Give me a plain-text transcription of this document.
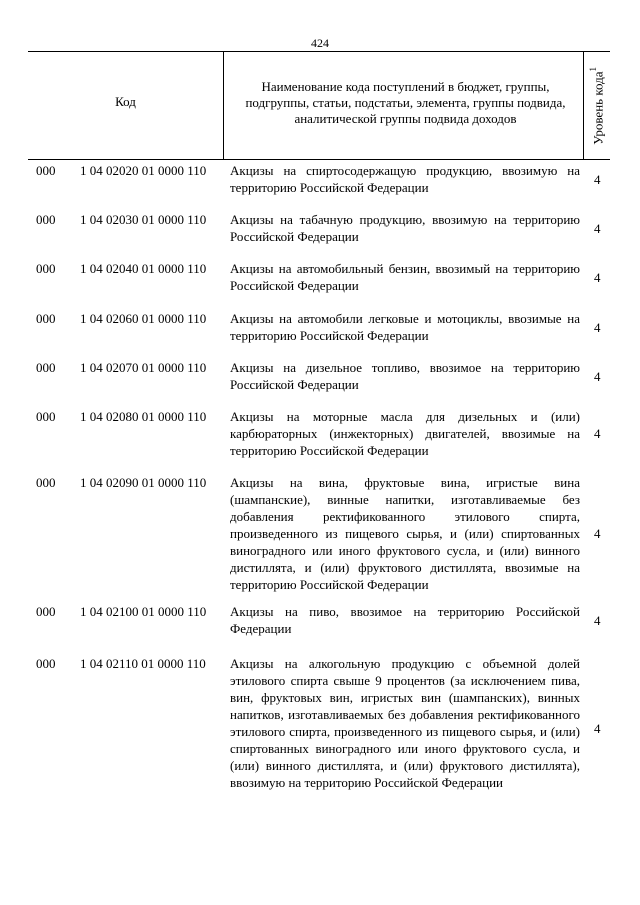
424
Код
Наименование кода поступлений в бюджет, группы, подгруппы, статьи, подстатьи, элемента, группы подвида, аналитической группы подвида доходов	Уровень кода$^1$
000 1 04 02020 01 0000 110 Акцизы на спиртосодержащую продукцию, ввозимую на территорию Российской Федерации
4
000 1 04 02030 01 0000 110 Акцизы на табачную продукцию, ввозимую на территорию Российской Федерации
4
000 1 04 02040 01 0000 110 Акцизы на автомобильный бензин, ввозимый на территорию Российской Федерации
4
000 1 04 02060 01 0000 110 Акцизы на автомобили легковые и мотоциклы, ввозимые на территорию Российской Федерации
4
000 1 04 02070 01 0000 110 Акцизы на дизельное топливо, ввозимое на территорию Российской Федерации
4
000 1 04 02080 01 0000 110 Акцизы на моторные масла для дизельных и (или) карбюраторных (инжекторных) двигателей, ввозимые на территорию Российской Федерации
4
000 1 04 02090 01 0000 110 Акцизы на вина, фруктовые вина, игристые вина (шампанские), винные напитки, изготавливаемые без добавления ректификованного этилового спирта, произведенного из пищевого сырья, и (или) спиртованных виноградного или иного фруктового сусла, и (или) винного дистиллята, и (или) фруктового дистиллята, ввозимые на территорию Российской Федерации
4
000 1 04 02100 01 0000 110 Акцизы на пиво, ввозимое на территорию Российской Федерации
4
000 1 04 02110 01 0000 110 Акцизы на алкогольную продукцию с объемной долей этилового спирта свыше 9 процентов (за исключением пива, вин, фруктовых вин, игристых вин (шампанских), винных напитков, изготавливаемых без добавления ректификованного этилового спирта, произведенного из пищевого сырья, и (или) спиртованных виноградного или иного фруктового сусла, и (или) винного дистиллята, и (или) фруктового дистиллята), ввозимую на территорию Российской Федерации
4
